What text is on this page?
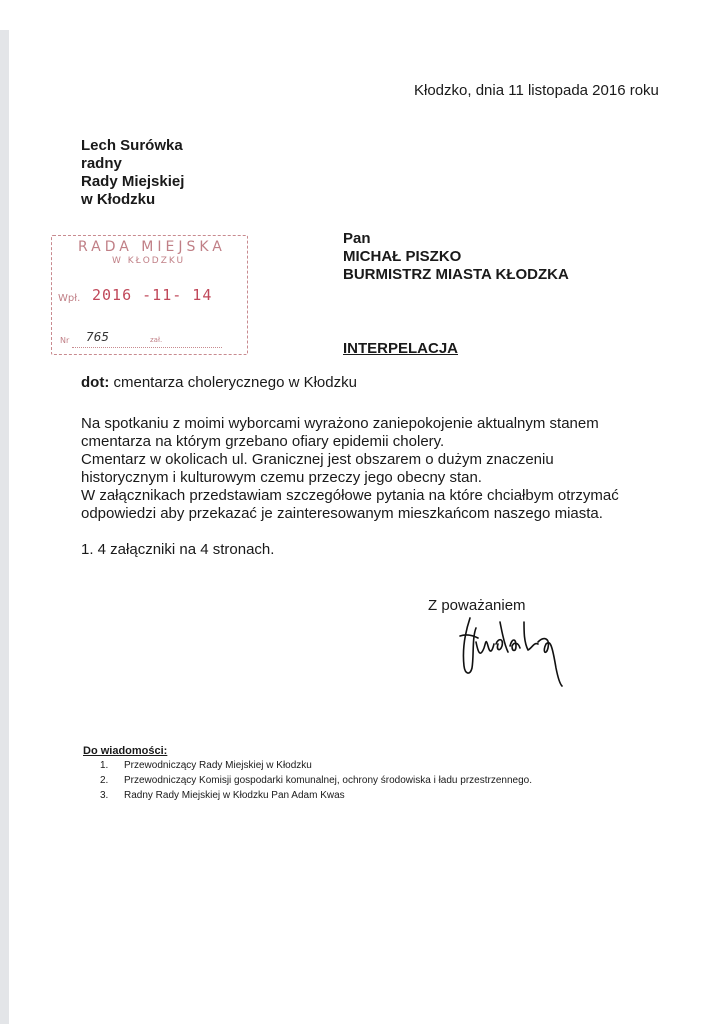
Kłodzko, dnia 11 listopada 2016 roku
Lech Surówka
radny
Rady Miejskiej
w Kłodzku
RADA MIEJSKA
W KŁODZKU
Wpł. 2016 -11- 14
Nr 765	zał.
Pan
MICHAŁ PISZKO
BURMISTRZ MIASTA KŁODZKA
INTERPELACJA
dot: cmentarza cholerycznego w Kłodzku
Na spotkaniu z moimi wyborcami wyrażono zaniepokojenie aktualnym stanem
cmentarza na którym grzebano ofiary epidemii cholery.
Cmentarz w okolicach ul. Granicznej jest obszarem o dużym znaczeniu
historycznym i kulturowym czemu przeczy jego obecny stan.
W załącznikach przedstawiam szczegółowe pytania na które chciałbym otrzymać
odpowiedzi aby przekazać je zainteresowanym mieszkańcom naszego miasta.
1. 4 załączniki na 4 stronach.
Z poważaniem
Do wiadomości:
1.	Przewodniczący Rady Miejskiej w Kłodzku
2.	Przewodniczący Komisji gospodarki komunalnej, ochrony środowiska i ładu przestrzennego.
3.	Radny Rady Miejskiej w Kłodzku Pan Adam Kwas
